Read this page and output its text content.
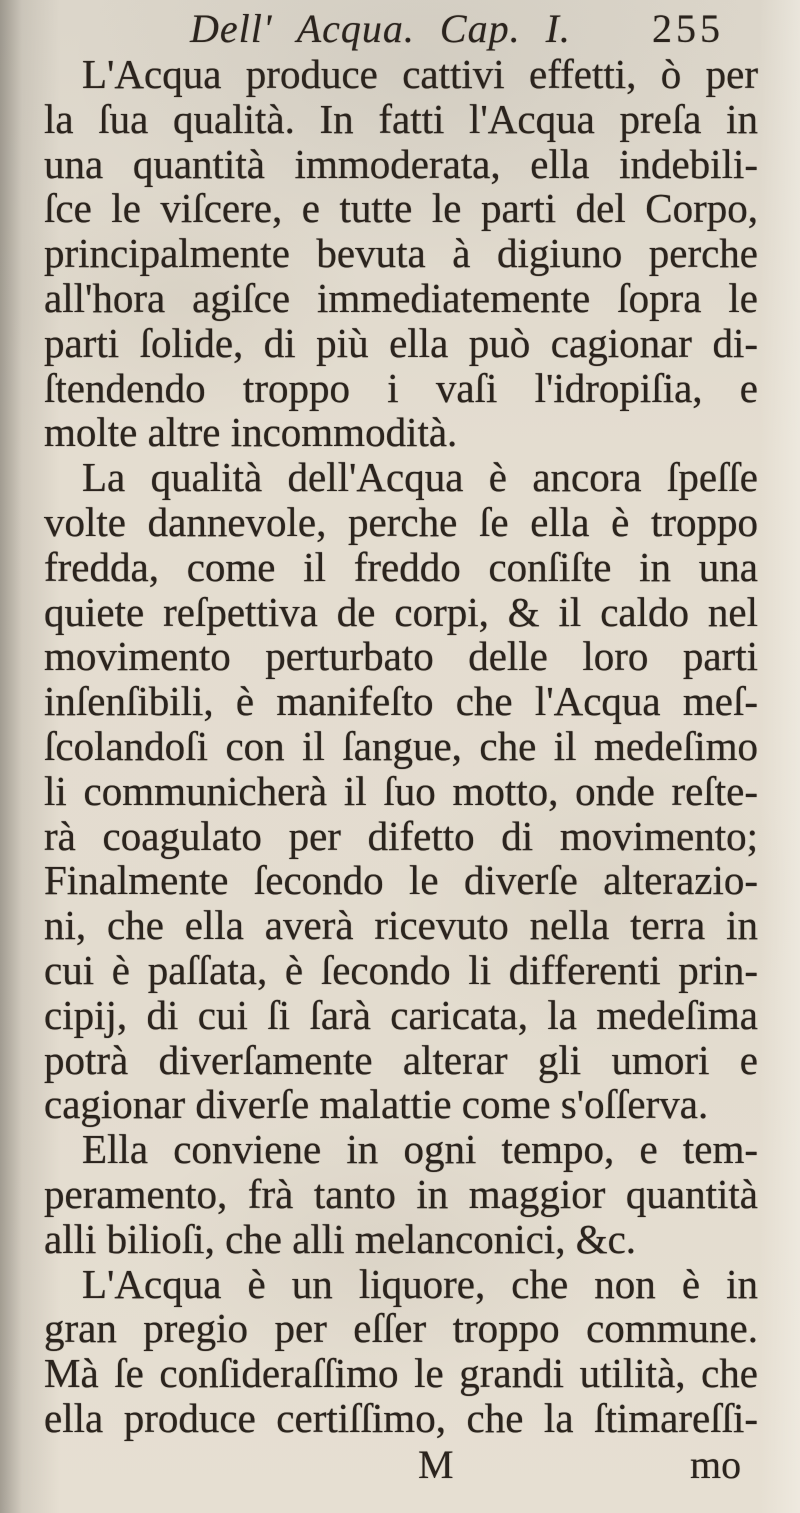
Dell' Acqua. Cap. I. 255
L'Acqua produce cattivi effetti, ò per
la ſua qualità. In fatti l'Acqua preſa in
una quantità immoderata, ella indebili-
ſce le viſcere, e tutte le parti del Corpo,
principalmente bevuta à digiuno perche
all'hora agiſce immediatemente ſopra le
parti ſolide, di più ella può cagionar di-
ſtendendo troppo i vaſi l'idropiſia, e
molte altre incommodità.
La qualità dell'Acqua è ancora ſpeſſe
volte dannevole, perche ſe ella è troppo
fredda, come il freddo conſiſte in una
quiete reſpettiva de corpi, & il caldo nel
movimento perturbato delle loro parti
inſenſibili, è manifeſto che l'Acqua meſ-
ſcolandoſi con il ſangue, che il medeſimo
li communicherà il ſuo motto, onde reſte-
rà coagulato per difetto di movimento;
Finalmente ſecondo le diverſe alterazio-
ni, che ella averà ricevuto nella terra in
cui è paſſata, è ſecondo li differenti prin-
cipij, di cui ſi ſarà caricata, la medeſima
potrà diverſamente alterar gli umori e
cagionar diverſe malattie come s'oſſerva.
Ella conviene in ogni tempo, e tem-
peramento, frà tanto in maggior quantità
alli bilioſi, che alli melanconici, &c.
L'Acqua è un liquore, che non è in
gran pregio per eſſer troppo commune.
Mà ſe conſideraſſimo le grandi utilità, che
ella produce certiſſimo, che la ſtimareſſi-
M	mo
